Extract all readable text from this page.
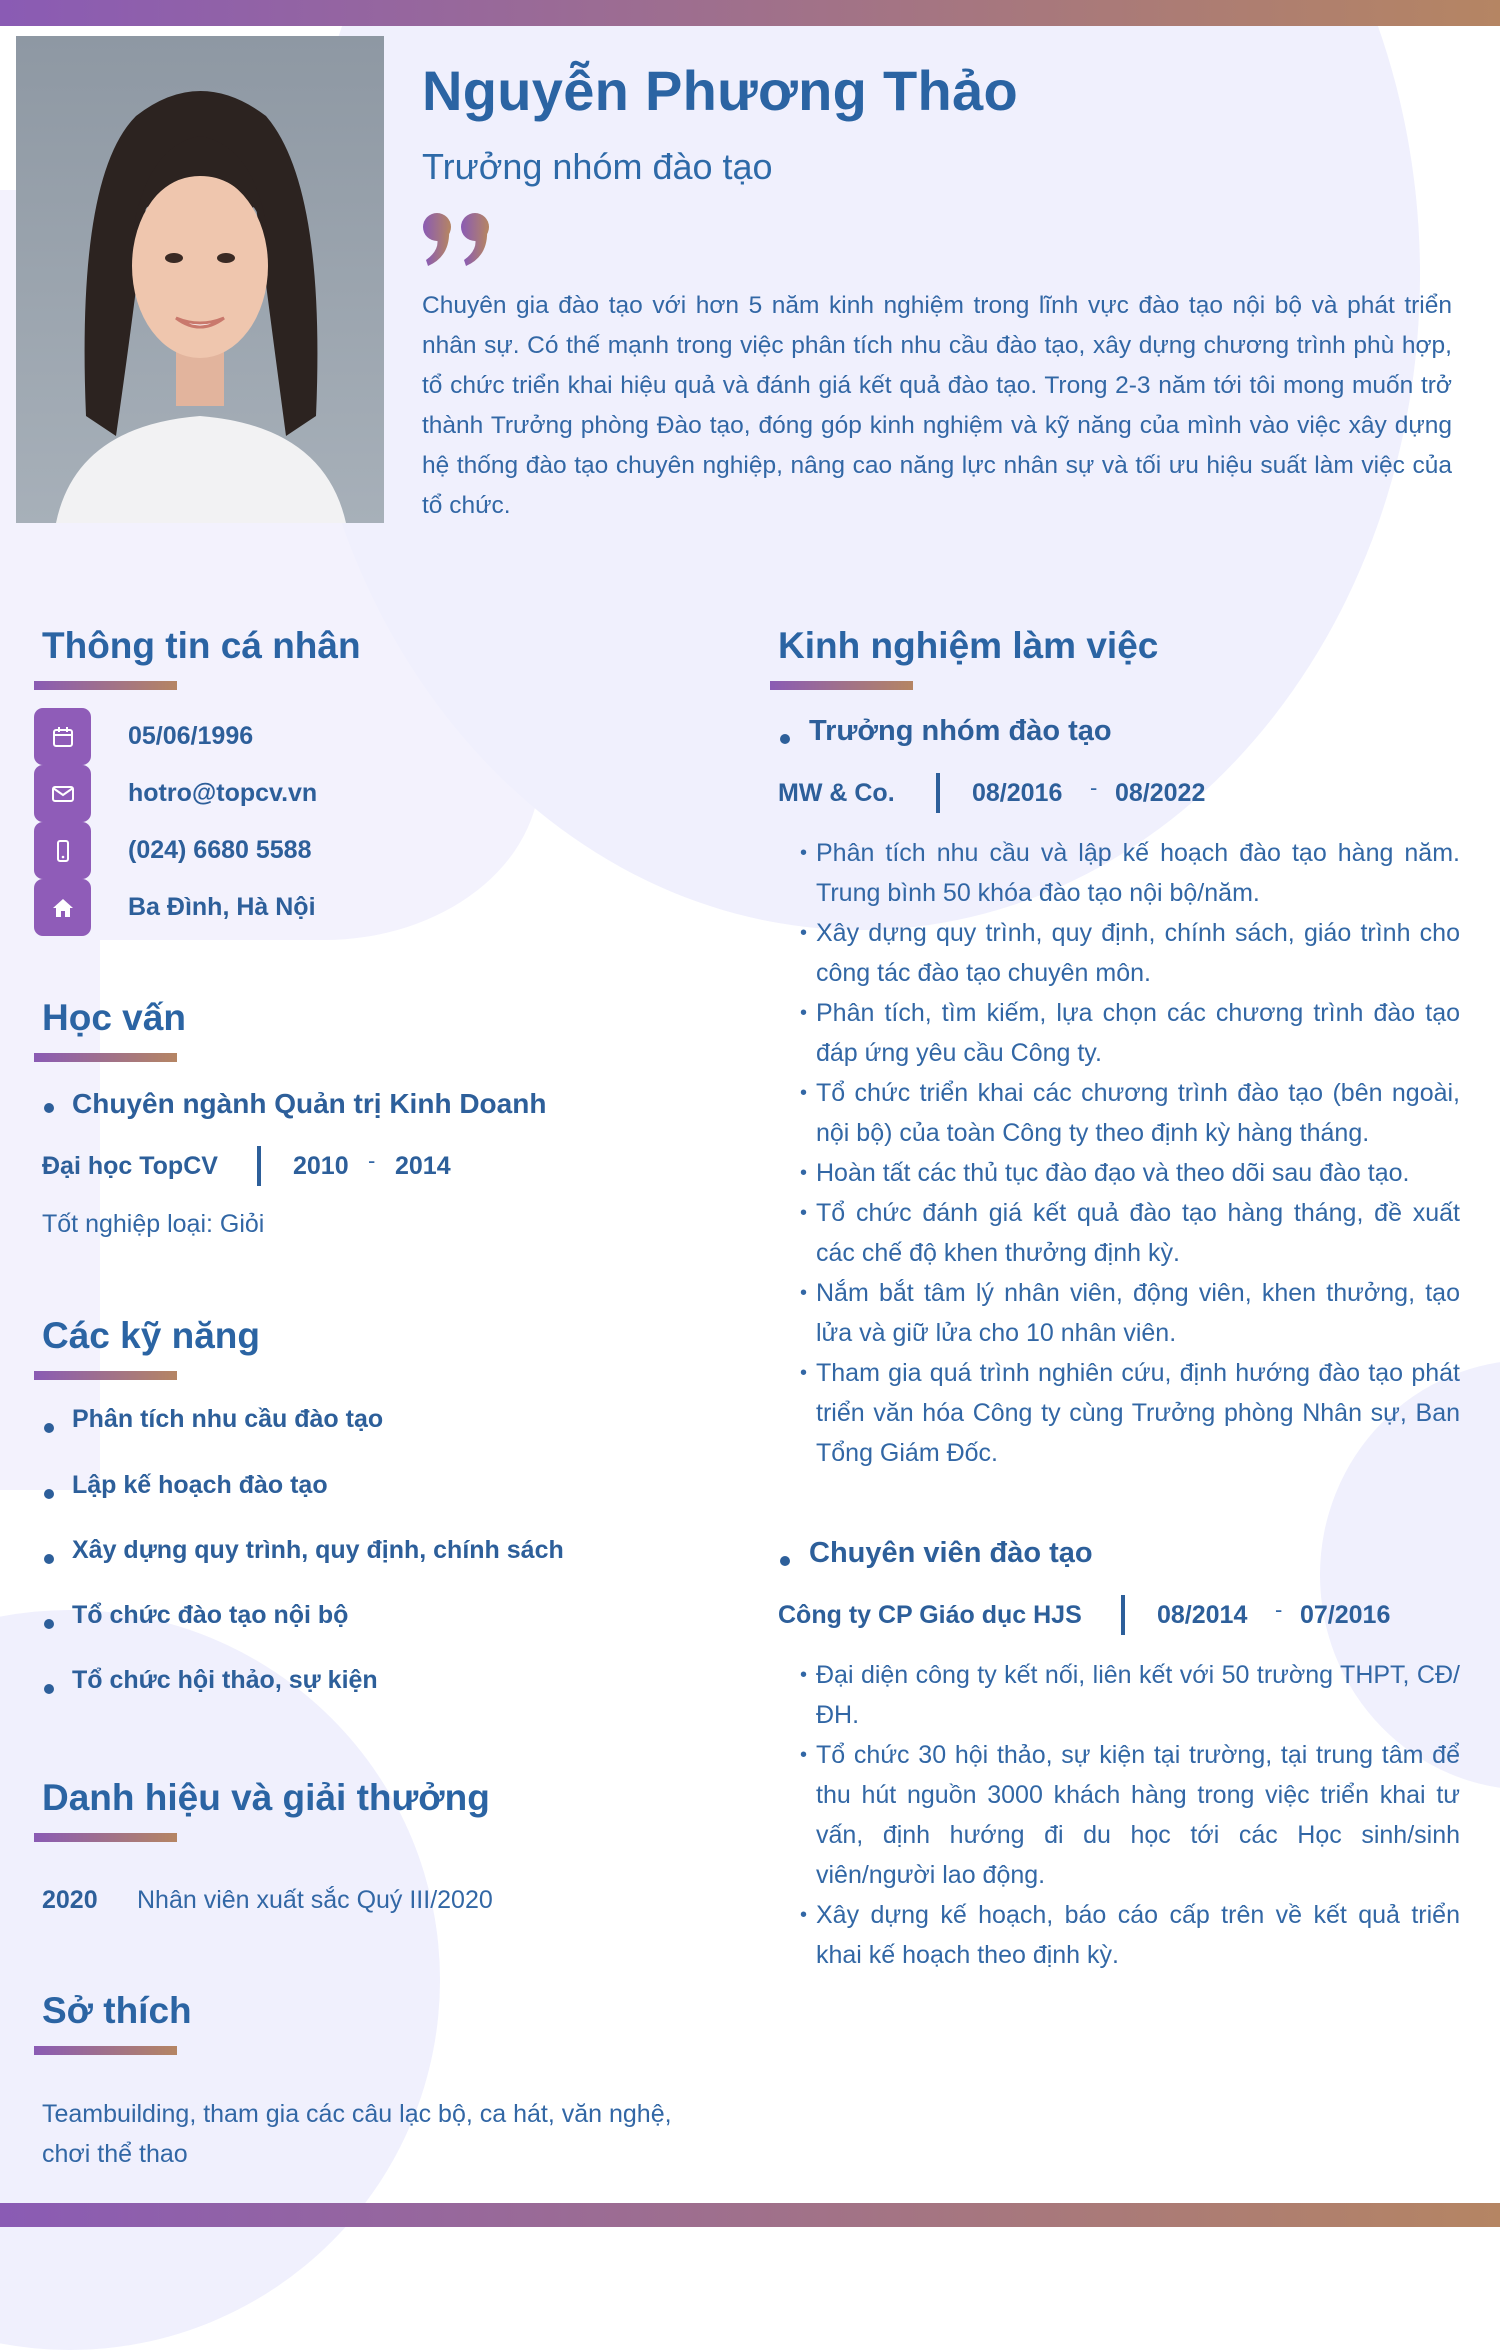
Nguyễn Phương Thảo
Trưởng nhóm đào tạo
Chuyên gia đào tạo với hơn 5 năm kinh nghiệm trong lĩnh vực đào tạo nội bộ và phát triển nhân sự. Có thế mạnh trong việc phân tích nhu cầu đào tạo, xây dựng chương trình phù hợp, tổ chức triển khai hiệu quả và đánh giá kết quả đào tạo. Trong 2-3 năm tới tôi mong muốn trở thành Trưởng phòng Đào tạo, đóng góp kinh nghiệm và kỹ năng của mình vào việc xây dựng hệ thống đào tạo chuyên nghiệp, nâng cao năng lực nhân sự và tối ưu hiệu suất làm việc của tổ chức.
Thông tin cá nhân
05/06/1996
hotro@topcv.vn
(024) 6680 5588
Ba Đình, Hà Nội
Học vấn
Chuyên ngành Quản trị Kinh Doanh
Đại học TopCV	2010 - 2014
Tốt nghiệp loại: Giỏi
Các kỹ năng
Phân tích nhu cầu đào tạo
Lập kế hoạch đào tạo
Xây dựng quy trình, quy định, chính sách
Tổ chức đào tạo nội bộ
Tổ chức hội thảo, sự kiện
Danh hiệu và giải thưởng
2020 Nhân viên xuất sắc Quý III/2020
Sở thích
Teambuilding, tham gia các câu lạc bộ, ca hát, văn nghệ, chơi thể thao
Kinh nghiệm làm việc
Trưởng nhóm đào tạo
MW & Co.	08/2016 - 08/2022
• Phân tích nhu cầu và lập kế hoạch đào tạo hàng năm. Trung bình 50 khóa đào tạo nội bộ/năm.
• Xây dựng quy trình, quy định, chính sách, giáo trình cho công tác đào tạo chuyên môn.
• Phân tích, tìm kiếm, lựa chọn các chương trình đào tạo đáp ứng yêu cầu Công ty.
• Tổ chức triển khai các chương trình đào tạo (bên ngoài, nội bộ) của toàn Công ty theo định kỳ hàng tháng.
• Hoàn tất các thủ tục đào đạo và theo dõi sau đào tạo.
• Tổ chức đánh giá kết quả đào tạo hàng tháng, đề xuất các chế độ khen thưởng định kỳ.
• Nắm bắt tâm lý nhân viên, động viên, khen thưởng, tạo lửa và giữ lửa cho 10 nhân viên.
• Tham gia quá trình nghiên cứu, định hướng đào tạo phát triển văn hóa Công ty cùng Trưởng phòng Nhân sự, Ban Tổng Giám Đốc.
Chuyên viên đào tạo
Công ty CP Giáo dục HJS	08/2014 - 07/2016
• Đại diện công ty kết nối, liên kết với 50 trường THPT, CĐ/ĐH.
• Tổ chức 30 hội thảo, sự kiện tại trường, tại trung tâm để thu hút nguồn 3000 khách hàng trong việc triển khai tư vấn, định hướng đi du học tới các Học sinh/sinh viên/người lao động.
• Xây dựng kế hoạch, báo cáo cấp trên về kết quả triển khai kế hoạch theo định kỳ.
